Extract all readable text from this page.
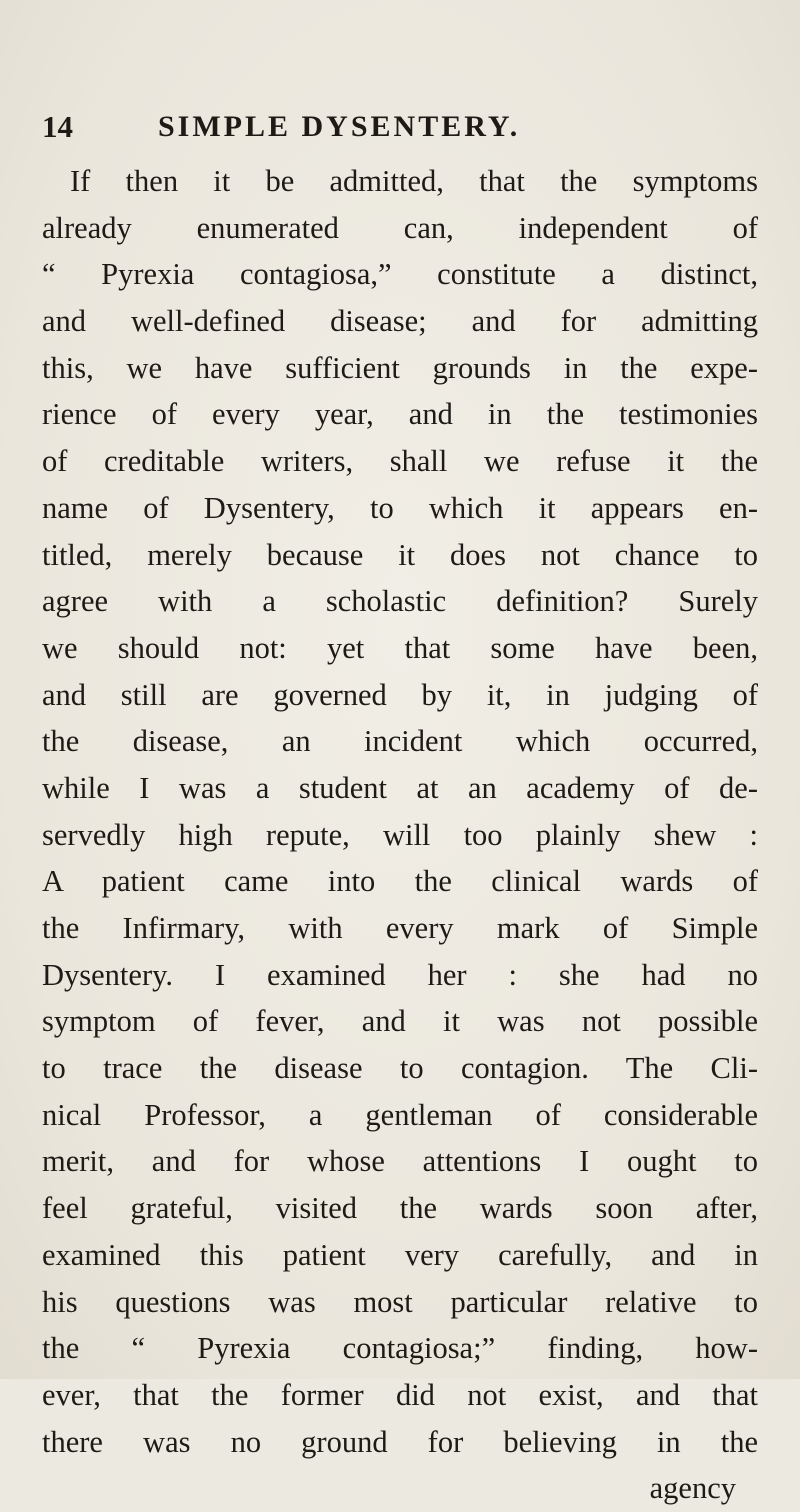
14	SIMPLE DYSENTERY.
If then it be admitted, that the symptoms
already enumerated can, independent of
“ Pyrexia contagiosa,” constitute a distinct,
and well-defined disease; and for admitting
this, we have sufficient grounds in the expe-
rience of every year, and in the testimonies
of creditable writers, shall we refuse it the
name of Dysentery, to which it appears en-
titled, merely because it does not chance to
agree with a scholastic definition? Surely
we should not: yet that some have been,
and still are governed by it, in judging of
the disease, an incident which occurred,
while I was a student at an academy of de-
servedly high repute, will too plainly shew :
A patient came into the clinical wards of
the Infirmary, with every mark of Simple
Dysentery. I examined her : she had no
symptom of fever, and it was not possible
to trace the disease to contagion. The Cli-
nical Professor, a gentleman of considerable
merit, and for whose attentions I ought to
feel grateful, visited the wards soon after,
examined this patient very carefully, and in
his questions was most particular relative to
the “ Pyrexia contagiosa;” finding, how-
ever, that the former did not exist, and that
there was no ground for believing in the
agency
